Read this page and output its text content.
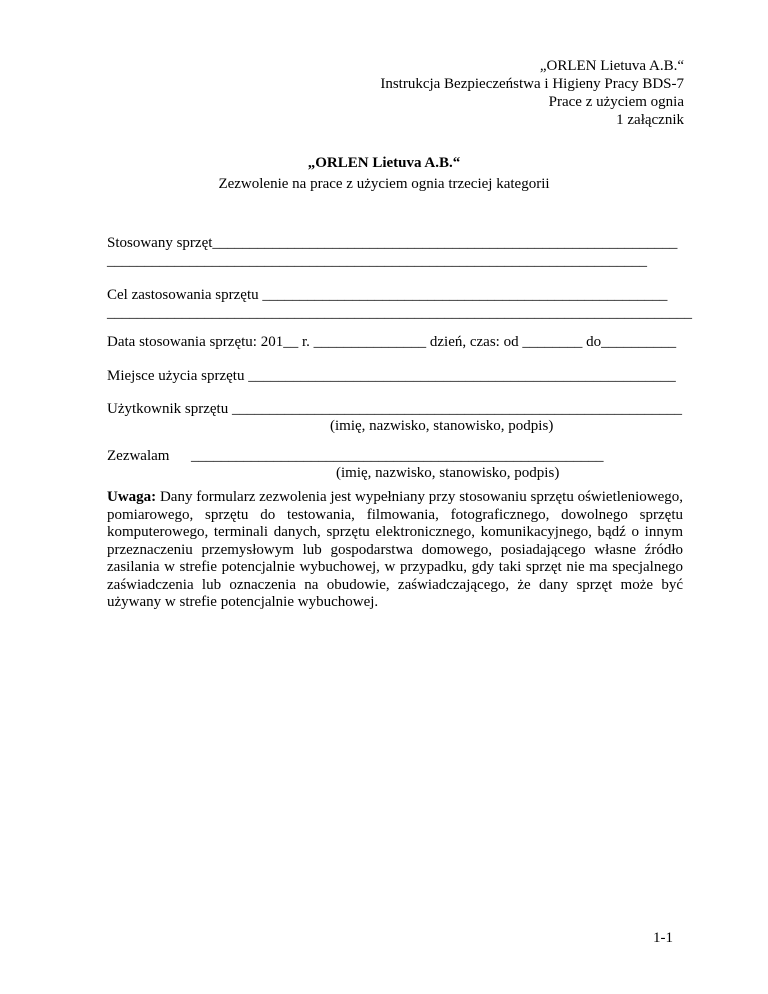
„ORLEN Lietuva A.B.“
Instrukcja Bezpieczeństwa i Higieny Pracy BDS-7
Prace z użyciem ognia
1 załącznik
„ORLEN Lietuva A.B.“
Zezwolenie na prace z użyciem ognia trzeciej kategorii
Stosowany sprzęt______________________________________________________________
________________________________________________________________________
Cel zastosowania sprzętu ______________________________________________________
______________________________________________________________________________
Data stosowania sprzętu: 201__ r. _______________ dzień, czas: od ________ do__________
Miejsce użycia sprzętu _________________________________________________________
Użytkownik sprzętu ____________________________________________________________
(imię, nazwisko, stanowisko, podpis)
Zezwalam _______________________________________________________
(imię, nazwisko, stanowisko, podpis)
Uwaga: Dany formularz zezwolenia jest wypełniany przy stosowaniu sprzętu oświetleniowego, pomiarowego, sprzętu do testowania, filmowania, fotograficznego, dowolnego sprzętu komputerowego, terminali danych, sprzętu elektronicznego, komunikacyjnego, bądź o innym przeznaczeniu przemysłowym lub gospodarstwa domowego, posiadającego własne źródło zasilania w strefie potencjalnie wybuchowej, w przypadku, gdy taki sprzęt nie ma specjalnego zaświadczenia lub oznaczenia na obudowie, zaświadczającego, że dany sprzęt może być używany w strefie potencjalnie wybuchowej.
1-1
